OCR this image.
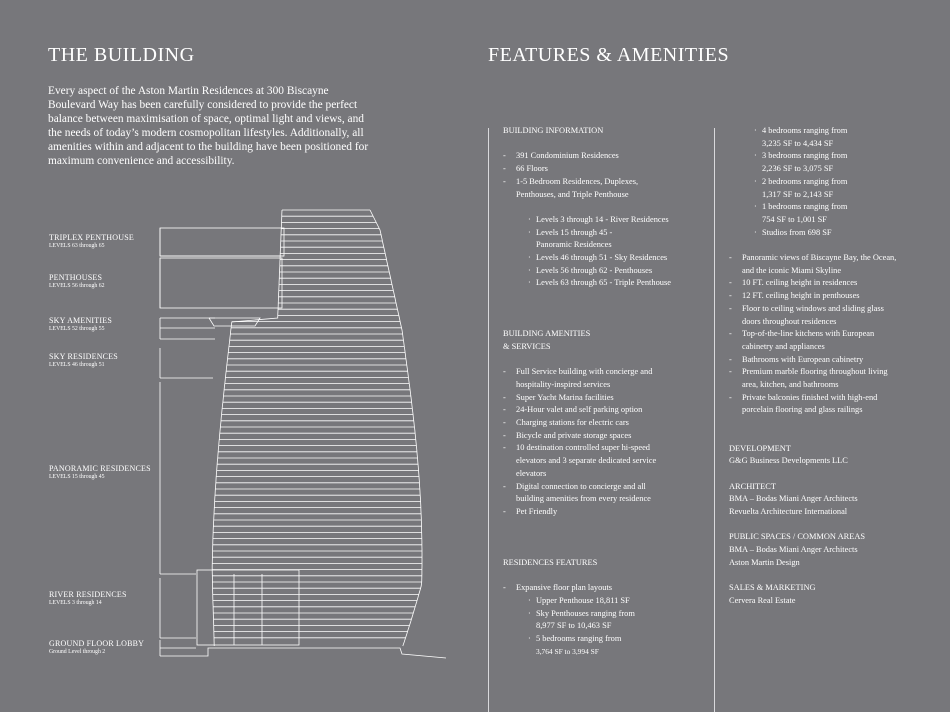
THE BUILDING
Every aspect of the Aston Martin Residences at 300 Biscayne Boulevard Way has been carefully considered to provide the perfect balance between maximisation of space, optimal light and views, and the needs of today’s modern cosmopolitan lifestyles. Additionally, all amenities within and adjacent to the building have been positioned for maximum convenience and accessibility.
TRIPLEX PENTHOUSE
LEVELS 63 through 65
PENTHOUSES
LEVELS 56 through 62
SKY AMENITIES
LEVELS 52 through 55
SKY RESIDENCES
LEVELS 46 through 51
PANORAMIC RESIDENCES
LEVELS 15 through 45
RIVER RESIDENCES
LEVELS 3 through 14
GROUND FLOOR LOBBY
Ground Level through 2
FEATURES & AMENITIES
BUILDING INFORMATION
- 391 Condominium Residences
- 66 Floors
- 1-5 Bedroom Residences, Duplexes,
Penthouses, and Triple Penthouse
· Levels 3 through 14 - River Residences
· Levels 15 through 45 -
Panoramic Residences
· Levels 46 through 51 - Sky Residences
· Levels 56 through 62 - Penthouses
· Levels 63 through 65 - Triple Penthouse
BUILDING AMENITIES
& SERVICES
- Full Service building with concierge and
hospitality-inspired services
- Super Yacht Marina facilities
- 24-Hour valet and self parking option
- Charging stations for electric cars
- Bicycle and private storage spaces
- 10 destination controlled super hi-speed
elevators and 3 separate dedicated service
elevators
- Digital connection to concierge and all
building amenities from every residence
- Pet Friendly
RESIDENCES FEATURES
- Expansive floor plan layouts
· Upper Penthouse 18,811 SF
· Sky Penthouses ranging from
8,977 SF to 10,463 SF
· 5 bedrooms ranging from
3,764 SF to 3,994 SF
· 4 bedrooms ranging from
3,235 SF to 4,434 SF
· 3 bedrooms ranging from
2,236 SF to 3,075 SF
· 2 bedrooms ranging from
1,317 SF to 2,143 SF
· 1 bedrooms ranging from
754 SF to 1,001 SF
· Studios from 698 SF
- Panoramic views of Biscayne Bay, the Ocean,
and the iconic Miami Skyline
- 10 FT. ceiling height in residences
- 12 FT. ceiling height in penthouses
- Floor to ceiling windows and sliding glass
doors throughout residences
- Top-of-the-line kitchens with European
cabinetry and appliances
- Bathrooms with European cabinetry
- Premium marble flooring throughout living
area, kitchen, and bathrooms
- Private balconies finished with high-end
porcelain flooring and glass railings
DEVELOPMENT
G&G Business Developments LLC
ARCHITECT
BMA – Bodas Miani Anger Architects
Revuelta Architecture International
PUBLIC SPACES / COMMON AREAS
BMA – Bodas Miani Anger Architects
Aston Martin Design
SALES & MARKETING
Cervera Real Estate
